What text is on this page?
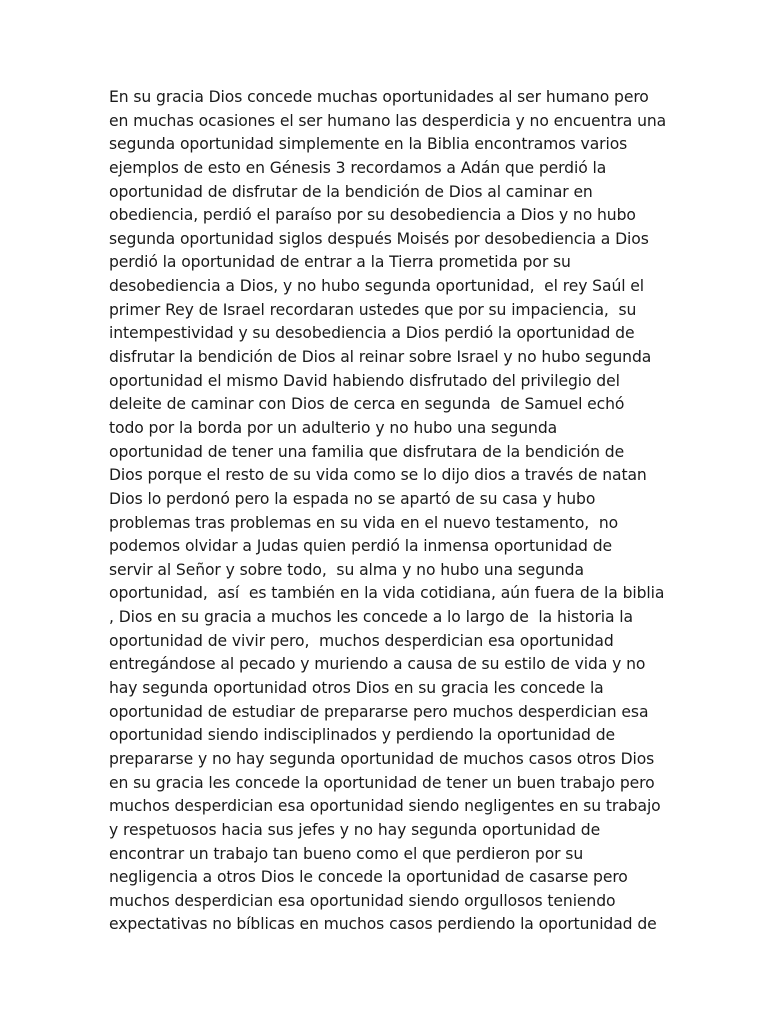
En su gracia Dios concede muchas oportunidades al ser humano pero
en muchas ocasiones el ser humano las desperdicia y no encuentra una
segunda oportunidad simplemente en la Biblia encontramos varios
ejemplos de esto en Génesis 3 recordamos a Adán que perdió la
oportunidad de disfrutar de la bendición de Dios al caminar en
obediencia, perdió el paraíso por su desobediencia a Dios y no hubo
segunda oportunidad siglos después Moisés por desobediencia a Dios
perdió la oportunidad de entrar a la Tierra prometida por su
desobediencia a Dios, y no hubo segunda oportunidad,  el rey Saúl el
primer Rey de Israel recordaran ustedes que por su impaciencia,  su
intempestividad y su desobediencia a Dios perdió la oportunidad de
disfrutar la bendición de Dios al reinar sobre Israel y no hubo segunda
oportunidad el mismo David habiendo disfrutado del privilegio del
deleite de caminar con Dios de cerca en segunda  de Samuel echó
todo por la borda por un adulterio y no hubo una segunda
oportunidad de tener una familia que disfrutara de la bendición de
Dios porque el resto de su vida como se lo dijo dios a través de natan
Dios lo perdonó pero la espada no se apartó de su casa y hubo
problemas tras problemas en su vida en el nuevo testamento,  no
podemos olvidar a Judas quien perdió la inmensa oportunidad de
servir al Señor y sobre todo,  su alma y no hubo una segunda
oportunidad,  así  es también en la vida cotidiana, aún fuera de la biblia
, Dios en su gracia a muchos les concede a lo largo de  la historia la
oportunidad de vivir pero,  muchos desperdician esa oportunidad
entregándose al pecado y muriendo a causa de su estilo de vida y no
hay segunda oportunidad otros Dios en su gracia les concede la
oportunidad de estudiar de prepararse pero muchos desperdician esa
oportunidad siendo indisciplinados y perdiendo la oportunidad de
prepararse y no hay segunda oportunidad de muchos casos otros Dios
en su gracia les concede la oportunidad de tener un buen trabajo pero
muchos desperdician esa oportunidad siendo negligentes en su trabajo
y respetuosos hacia sus jefes y no hay segunda oportunidad de
encontrar un trabajo tan bueno como el que perdieron por su
negligencia a otros Dios le concede la oportunidad de casarse pero
muchos desperdician esa oportunidad siendo orgullosos teniendo
expectativas no bíblicas en muchos casos perdiendo la oportunidad de
